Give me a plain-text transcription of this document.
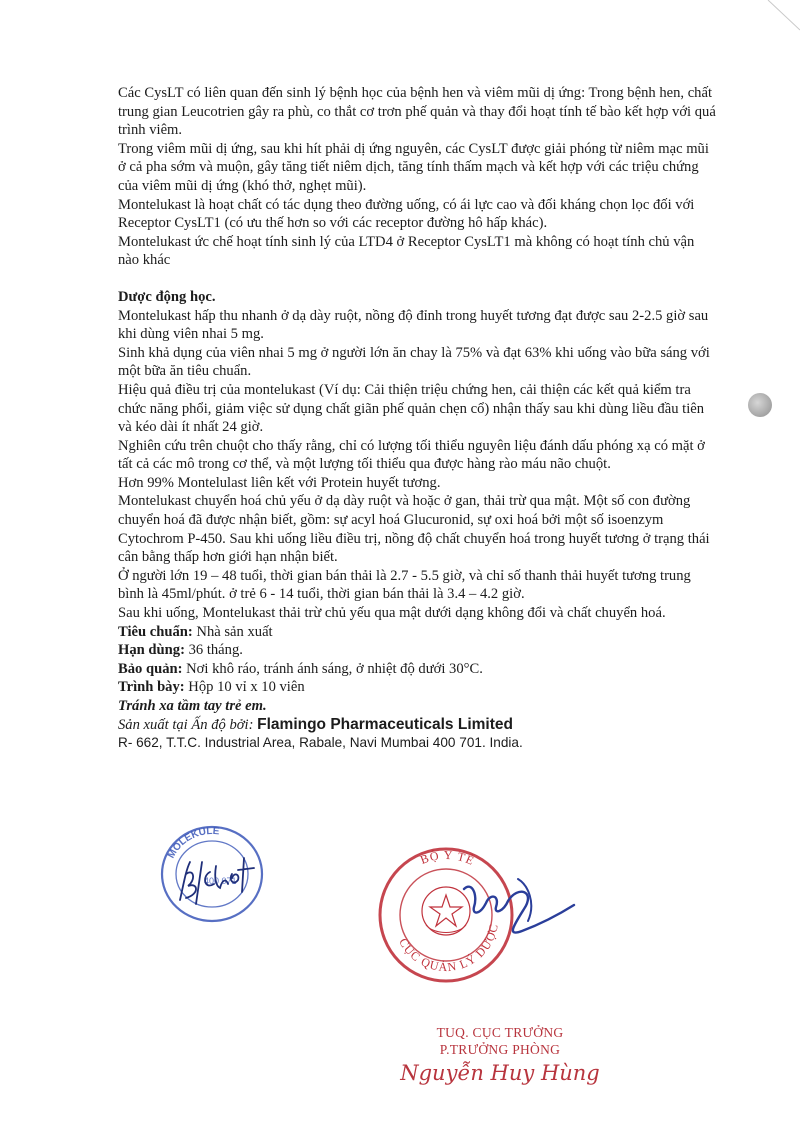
Các CysLT có liên quan đến sinh lý bệnh học của bệnh hen và viêm mũi dị ứng: Trong bệnh hen, chất trung gian Leucotrien gây ra phù, co thắt cơ trơn phế quản và thay đổi hoạt tính tế bào kết hợp với quá trình viêm.

Trong viêm mũi dị ứng, sau khi hít phải dị ứng nguyên, các CysLT được giải phóng từ niêm mạc mũi ở cả pha sớm và muộn, gây tăng tiết niêm dịch, tăng tính thấm mạch và kết hợp với các triệu chứng của viêm mũi dị ứng (khó thở, nghẹt mũi).

Montelukast là hoạt chất có tác dụng theo đường uống, có ái lực cao và đối kháng chọn lọc đối với Receptor CysLT1 (có ưu thế hơn so với các receptor đường hô hấp khác).

Montelukast ức chế hoạt tính sinh lý của LTD4 ở Receptor CysLT1 mà không có hoạt tính chủ vận nào khác

Dược động học.

Montelukast hấp thu nhanh ở dạ dày ruột, nồng độ đỉnh trong huyết tương đạt được sau 2-2.5 giờ sau khi dùng viên nhai 5 mg.

Sinh khả dụng của viên nhai 5 mg ở người lớn ăn chay là 75% và đạt 63% khi uống vào bữa sáng với một bữa ăn tiêu chuẩn.

Hiệu quả điều trị của montelukast (Ví dụ: Cải thiện triệu chứng hen, cải thiện các kết quả kiểm tra chức năng phổi, giảm việc sử dụng chất giãn phế quản chẹn cổ) nhận thấy sau khi dùng liều đầu tiên và kéo dài ít nhất 24 giờ.

Nghiên cứu trên chuột cho thấy rằng, chỉ có lượng tối thiểu nguyên liệu đánh dấu phóng xạ có mặt ở tất cả các mô trong cơ thể, và một lượng tối thiểu qua được hàng rào máu não chuột.

Hơn 99% Montelulast liên kết với Protein huyết tương.

Montelukast chuyển hoá chủ yếu ở dạ dày ruột và hoặc ở gan, thải trừ qua mật. Một số con đường chuyển hoá đã được nhận biết, gồm: sự acyl hoá Glucuronid, sự oxi hoá bởi một số isoenzym Cytochrom P-450. Sau khi uống liều điều trị, nồng độ chất chuyển hoá trong huyết tương ở trạng thái cân bằng thấp hơn giới hạn nhận biết.

Ở người lớn 19 – 48 tuổi, thời gian bán thải là 2.7 - 5.5 giờ, và chỉ số thanh thải huyết tương trung bình là 45ml/phút. ở trẻ 6 - 14 tuổi, thời gian bán thải là 3.4 – 4.2 giờ.

Sau khi uống, Montelukast thải trừ chủ yếu qua mật dưới dạng không đổi và chất chuyển hoá.

Tiêu chuẩn: Nhà sản xuất

Hạn dùng: 36 tháng.

Bảo quản: Nơi khô ráo, tránh ánh sáng, ở nhiệt độ dưới 30°C.

Trình bày: Hộp 10 vỉ x 10 viên

Tránh xa tầm tay trẻ em.

Sản xuất tại Ấn độ bởi: Flamingo Pharmaceuticals Limited

R- 662, T.T.C. Industrial Area, Rabale, Navi Mumbai 400 701. India.

MOLEKULE
400 071
BỘ Y TẾ
CỤC QUẢN LÝ DƯỢC
TUQ. CỤC TRƯỞNG
P.TRƯỞNG PHÒNG
Nguyễn Huy Hùng
